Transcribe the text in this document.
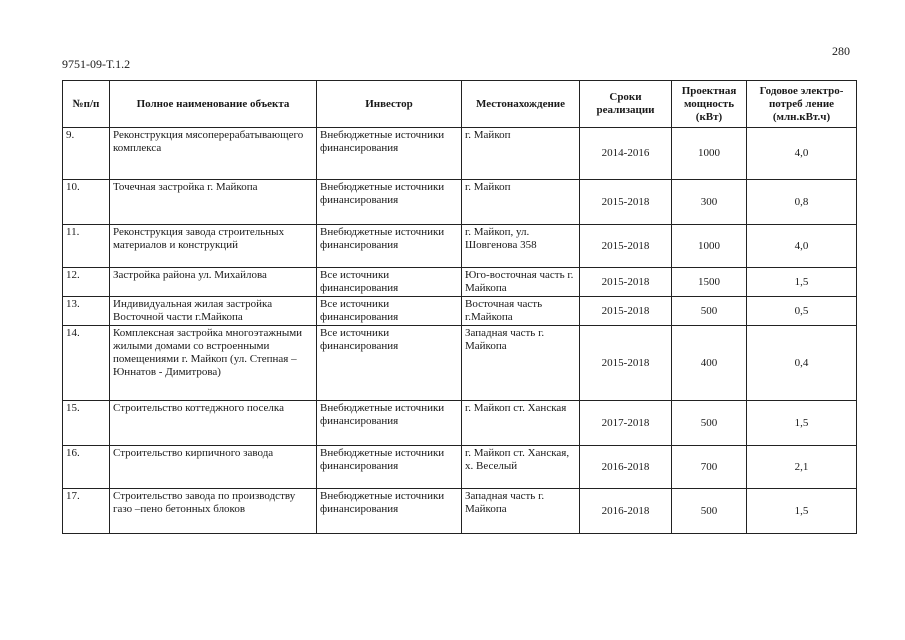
280
9751-09-Т.1.2
№п/п	Полное наименование объекта	Инвестор	Местонахождение	Сроки реализации	Проектная мощность (кВт)	Годовое электро-потреб ление (млн.кВт.ч)
9.	Реконструкция мясоперерабатывающего комплекса	Внебюджетные источники финансирования	г. Майкоп	2014-2016	1000	4,0
10.	Точечная застройка г. Майкопа	Внебюджетные источники финансирования	г. Майкоп	2015-2018	300	0,8
11.	Реконструкция завода строительных материалов и конструкций	Внебюджетные источники финансирования	г. Майкоп, ул. Шовгенова 358	2015-2018	1000	4,0
12.	Застройка района ул. Михайлова	Все источники финансирования	Юго-восточная часть г. Майкопа	2015-2018	1500	1,5
13.	Индивидуальная жилая застройка Восточной части г.Майкопа	Все источники финансирования	Восточная часть г.Майкопа	2015-2018	500	0,5
14.	Комплексная застройка многоэтажными жилыми домами со встроенными помещениями г. Майкоп (ул. Степная –Юннатов - Димитрова)	Все источники финансирования	Западная часть г. Майкопа	2015-2018	400	0,4
15.	Строительство коттеджного поселка	Внебюджетные источники финансирования	г. Майкоп ст. Ханская	2017-2018	500	1,5
16.	Строительство кирпичного завода	Внебюджетные источники финансирования	г. Майкоп ст. Ханская, х. Веселый	2016-2018	700	2,1
17.	Строительство завода по производству газо –пено бетонных блоков	Внебюджетные источники финансирования	Западная часть г. Майкопа	2016-2018	500	1,5
